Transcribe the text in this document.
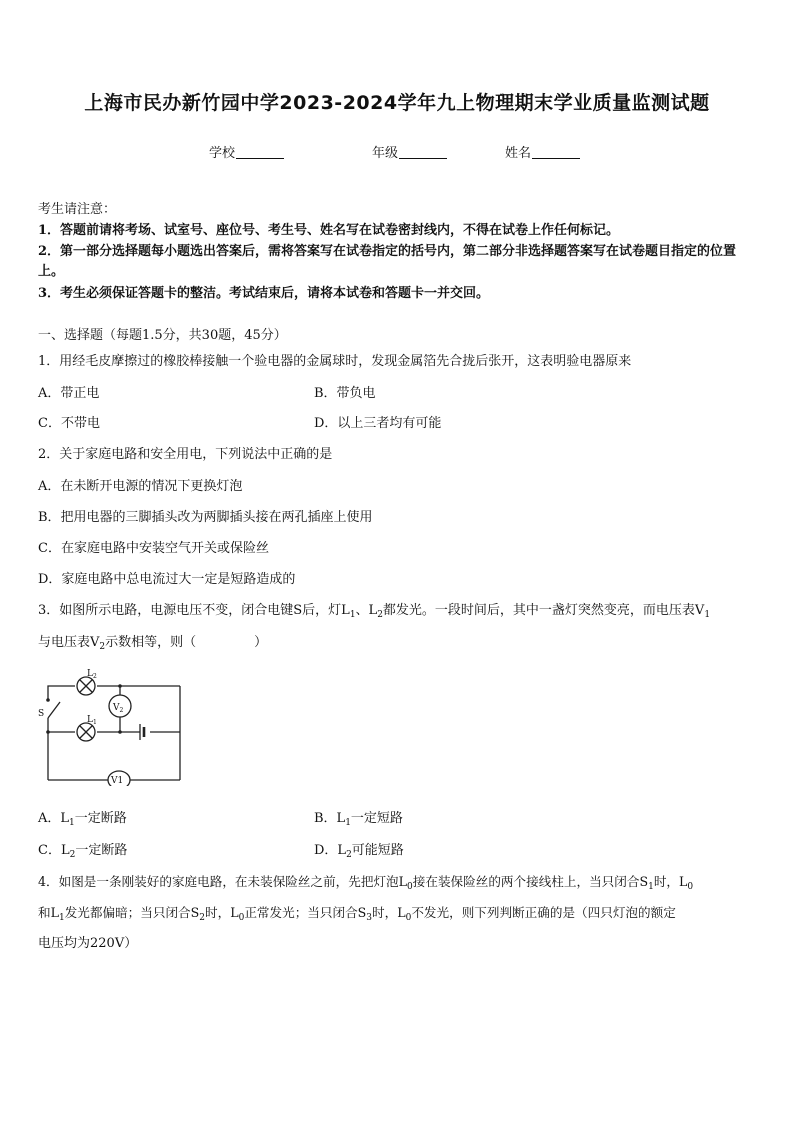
上海市民办新竹园中学2023-2024学年九上物理期末学业质量监测试题
学校	年级	姓名
考生请注意：
1．答题前请将考场、试室号、座位号、考生号、姓名写在试卷密封线内，不得在试卷上作任何标记。
2．第一部分选择题每小题选出答案后，需将答案写在试卷指定的括号内，第二部分非选择题答案写在试卷题目指定的位置上。
3．考生必须保证答题卡的整洁。考试结束后，请将本试卷和答题卡一并交回。
一、选择题（每题1.5分，共30题，45分）
1．用经毛皮摩擦过的橡胶棒接触一个验电器的金属球时，发现金属箔先合拢后张开，这表明验电器原来
A．带正电	B．带负电
C．不带电	D．以上三者均有可能
2．关于家庭电路和安全用电，下列说法中正确的是
A．在未断开电源的情况下更换灯泡
B．把用电器的三脚插头改为两脚插头接在两孔插座上使用
C．在家庭电路中安装空气开关或保险丝
D．家庭电路中总电流过大一定是短路造成的
3．如图所示电路，电源电压不变，闭合电键S后，灯$L_1$、$L_2$都发光。一段时间后，其中一盏灯突然变亮，而电压表$V_1$
与电压表$V_2$示数相等，则（	）
$L_2$
$L_1$
S
$V_2$
V1
A．$L_1$一定断路	B．$L_1$一定短路
C．$L_2$一定断路	D．$L_2$可能短路
4．如图是一条刚装好的家庭电路，在未装保险丝之前，先把灯泡$L_0$接在装保险丝的两个接线柱上，当只闭合$S_1$时，$L_0$
和$L_1$发光都偏暗；当只闭合$S_2$时，$L_0$正常发光；当只闭合$S_3$时，$L_0$不发光，则下列判断正确的是（四只灯泡的额定
电压均为220V）
